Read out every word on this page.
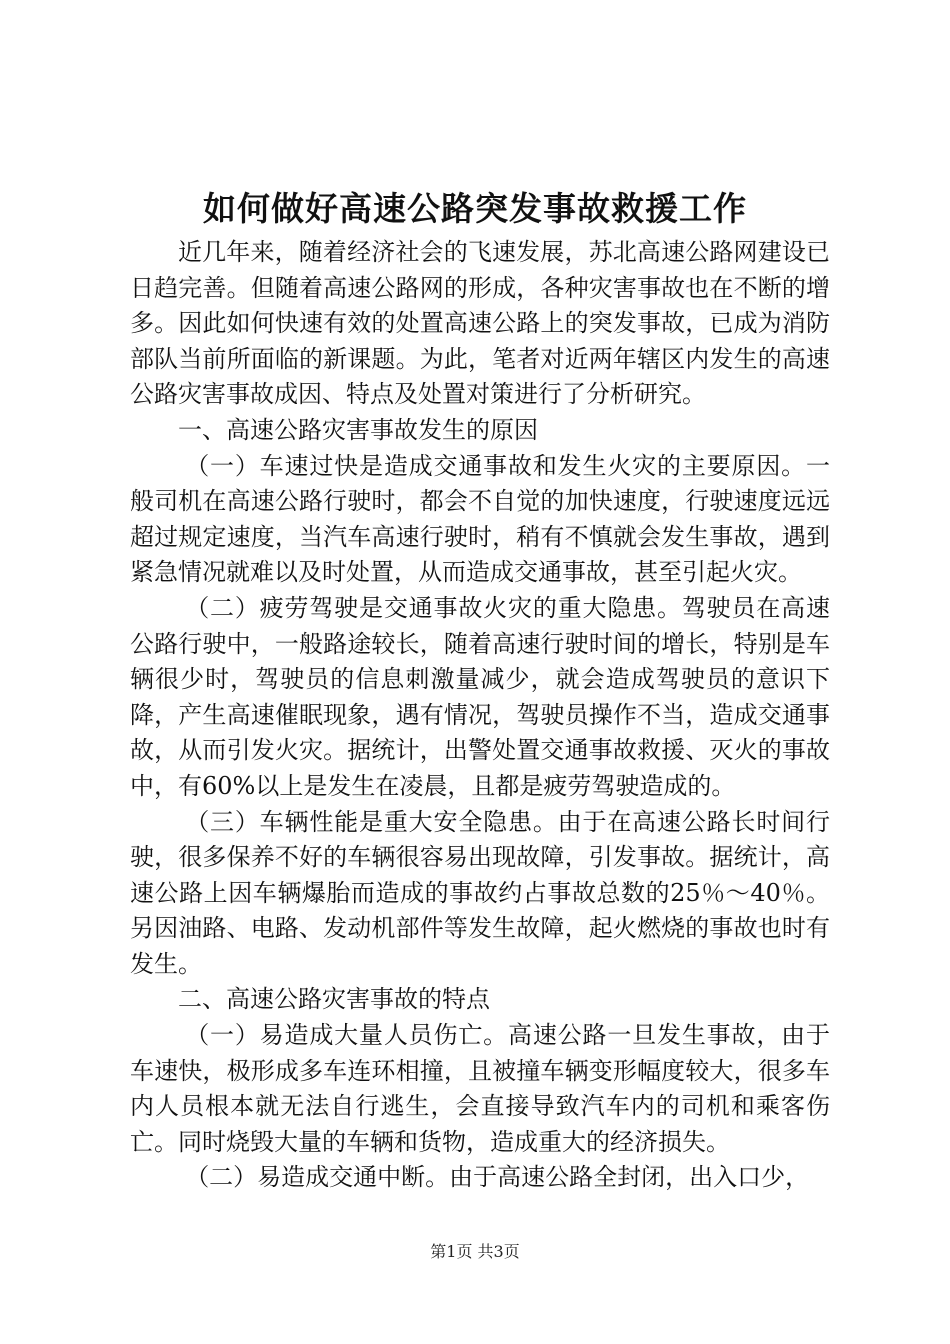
如何做好高速公路突发事故救援工作

近几年来，随着经济社会的飞速发展，苏北高速公路网建设已日趋完善。但随着高速公路网的形成，各种灾害事故也在不断的增多。因此如何快速有效的处置高速公路上的突发事故，已成为消防部队当前所面临的新课题。为此，笔者对近两年辖区内发生的高速公路灾害事故成因、特点及处置对策进行了分析研究。

一、高速公路灾害事故发生的原因

（一）车速过快是造成交通事故和发生火灾的主要原因。一般司机在高速公路行驶时，都会不自觉的加快速度，行驶速度远远超过规定速度，当汽车高速行驶时，稍有不慎就会发生事故，遇到紧急情况就难以及时处置，从而造成交通事故，甚至引起火灾。

（二）疲劳驾驶是交通事故火灾的重大隐患。驾驶员在高速公路行驶中，一般路途较长，随着高速行驶时间的增长，特别是车辆很少时，驾驶员的信息刺激量减少，就会造成驾驶员的意识下降，产生高速催眠现象，遇有情况，驾驶员操作不当，造成交通事故，从而引发火灾。据统计，出警处置交通事故救援、灭火的事故中，有60%以上是发生在凌晨，且都是疲劳驾驶造成的。

（三）车辆性能是重大安全隐患。由于在高速公路长时间行驶，很多保养不好的车辆很容易出现故障，引发事故。据统计，高速公路上因车辆爆胎而造成的事故约占事故总数的25％～40％。另因油路、电路、发动机部件等发生故障，起火燃烧的事故也时有发生。

二、高速公路灾害事故的特点

（一）易造成大量人员伤亡。高速公路一旦发生事故，由于车速快，极形成多车连环相撞，且被撞车辆变形幅度较大，很多车内人员根本就无法自行逃生，会直接导致汽车内的司机和乘客伤亡。同时烧毁大量的车辆和货物，造成重大的经济损失。

（二）易造成交通中断。由于高速公路全封闭，出入口少，

第1页 共3页
